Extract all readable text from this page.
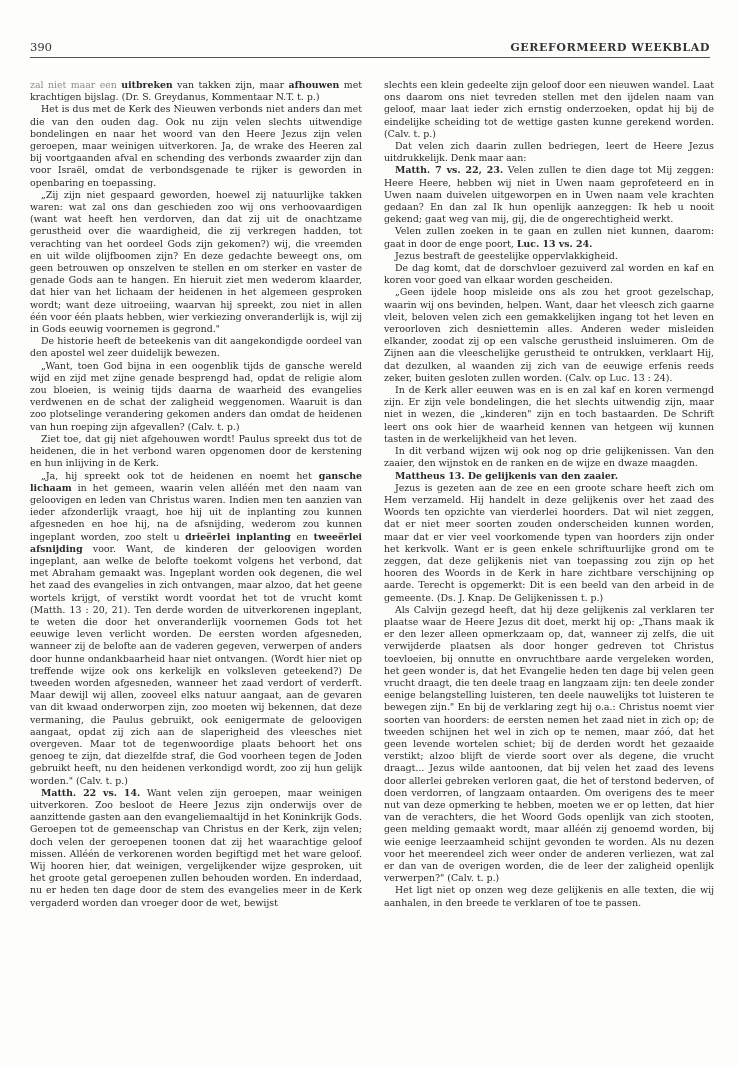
390	GEREFORMEERD WEEKBLAD

zal niet maar een uitbreken van takken zijn, maar afhouwen met krachtigen bijslag. (Dr. S. Greydanus, Kommentaar N.T. t. p.)

Het is dus met de Kerk des Nieuwen verbonds niet anders dan met die van den ouden dag. Ook nu zijn velen slechts uitwendige bondelingen en naar het woord van den Heere Jezus zijn velen geroepen, maar weinigen uitverkoren. Ja, de wrake des Heeren zal bij voortgaanden afval en schending des verbonds zwaarder zijn dan voor Israël, omdat de verbondsgenade te rijker is geworden in openbaring en toepassing.

„Zij zijn niet gespaard geworden, hoewel zij natuurlijke takken waren: wat zal ons dan geschieden zoo wij ons verhoovaardigen (want wat heeft hen verdorven, dan dat zij uit de onachtzame gerustheid over die waardigheid, die zij verkregen hadden, tot verachting van het oordeel Gods zijn gekomen?) wij, die vreemden en uit wilde olijfboomen zijn? En deze gedachte beweegt ons, om geen betrouwen op onszelven te stellen en om sterker en vaster de genade Gods aan te hangen. En hieruit ziet men wederom klaarder, dat hier van het lichaam der heidenen in het algemeen gesproken wordt; want deze uitroeiing, waarvan hij spreekt, zou niet in allen één voor één plaats hebben, wier verkiezing onveranderlijk is, wijl zij in Gods eeuwig voornemen is gegrond."

De historie heeft de beteekenis van dit aangekondigde oordeel van den apostel wel zeer duidelijk bewezen.

„Want, toen God bijna in een oogenblik tijds de gansche wereld wijd en zijd met zijne genade besprengd had, opdat de religie alom zou bloeien, is weinig tijds daarna de waarheid des evangelies verdwenen en de schat der zaligheid weggenomen. Waaruit is dan zoo plotselinge verandering gekomen anders dan omdat de heidenen van hun roeping zijn afgevallen? (Calv. t. p.)

Ziet toe, dat gij niet afgehouwen wordt! Paulus spreekt dus tot de heidenen, die in het verbond waren opgenomen door de kerstening en hun inlijving in de Kerk.

„Ja, hij spreekt ook tot de heidenen en noemt het gansche lichaam in het gemeen, waarin velen alléén met den naam van geloovigen en leden van Christus waren. Indien men ten aanzien van ieder afzonderlijk vraagt, hoe hij uit de inplanting zou kunnen afgesneden en hoe hij, na de afsnijding, wederom zou kunnen ingeplant worden, zoo stelt u drieërlei inplanting en tweeërlei afsnijding voor. Want, de kinderen der geloovigen worden ingeplant, aan welke de belofte toekomt volgens het verbond, dat met Abraham gemaakt was. Ingeplant worden ook degenen, die wel het zaad des evangelies in zich ontvangen, maar alzoo, dat het geene wortels krijgt, of verstikt wordt voordat het tot de vrucht komt (Matth. 13 : 20, 21). Ten derde worden de uitverkorenen ingeplant, te weten die door het onveranderlijk voornemen Gods tot het eeuwige leven verlicht worden. De eersten worden afgesneden, wanneer zij de belofte aan de vaderen gegeven, verwerpen of anders door hunne ondankbaarheid haar niet ontvangen. (Wordt hier niet op treffende wijze ook ons kerkelijk en volksleven geteekend?) De tweeden worden afgesneden, wanneer het zaad verdort of verderft. Maar dewijl wij allen, zooveel elks natuur aangaat, aan de gevaren van dit kwaad onderworpen zijn, zoo moeten wij bekennen, dat deze vermaning, die Paulus gebruikt, ook eenigermate de geloovigen aangaat, opdat zij zich aan de slaperigheid des vleesches niet overgeven. Maar tot de tegenwoordige plaats behoort het ons genoeg te zijn, dat diezelfde straf, die God voorheen tegen de Joden gebruikt heeft, nu den heidenen verkondigd wordt, zoo zij hun gelijk worden." (Calv. t. p.)

Matth. 22 vs. 14. Want velen zijn geroepen, maar weinigen uitverkoren. Zoo besloot de Heere Jezus zijn onderwijs over de aanzittende gasten aan den evangeliemaaltijd in het Koninkrijk Gods. Geroepen tot de gemeenschap van Christus en der Kerk, zijn velen; doch velen der geroepenen toonen dat zij het waarachtige geloof missen. Alléén de verkorenen worden begiftigd met het ware geloof. Wij hooren hier, dat weinigen, vergelijkender wijze gesproken, uit het groote getal geroepenen zullen behouden worden. En inderdaad, nu er heden ten dage door de stem des evangelies meer in de Kerk vergaderd worden dan vroeger door de wet, bewijst

slechts een klein gedeelte zijn geloof door een nieuwen wandel. Laat ons daarom ons niet tevreden stellen met den ijdelen naam van geloof, maar laat ieder zich ernstig onderzoeken, opdat hij bij de eindelijke scheiding tot de wettige gasten kunne gerekend worden. (Calv. t. p.)

Dat velen zich daarin zullen bedriegen, leert de Heere Jezus uitdrukkelijk. Denk maar aan:

Matth. 7 vs. 22, 23. Velen zullen te dien dage tot Mij zeggen: Heere Heere, hebben wij niet in Uwen naam geprofeteerd en in Uwen naam duivelen uitgeworpen en in Uwen naam vele krachten gedaan? En dan zal Ik hun openlijk aanzeggen: Ik heb u nooit gekend; gaat weg van mij, gij, die de ongerechtigheid werkt.

Velen zullen zoeken in te gaan en zullen niet kunnen, daarom: gaat in door de enge poort, Luc. 13 vs. 24.

Jezus bestraft de geestelijke oppervlakkigheid.

De dag komt, dat de dorschvloer gezuiverd zal worden en kaf en koren voor goed van elkaar worden gescheiden.

„Geen ijdele hoop misleide ons als zou het groot gezelschap, waarin wij ons bevinden, helpen. Want, daar het vleesch zich gaarne vleit, beloven velen zich een gemakkelijken ingang tot het leven en veroorloven zich desniettemin alles. Anderen weder misleiden elkander, zoodat zij op een valsche gerustheid insluimeren. Om de Zijnen aan die vleeschelijke gerustheid te ontrukken, verklaart Hij, dat dezulken, al waanden zij zich van de eeuwige erfenis reeds zeker, buiten gesloten zullen worden. (Calv. op Luc. 13 : 24).

In de Kerk aller eeuwen was en is en zal kaf en koren vermengd zijn. Er zijn vele bondelingen, die het slechts uitwendig zijn, maar niet in wezen, die „kinderen" zijn en toch bastaarden. De Schrift leert ons ook hier de waarheid kennen van hetgeen wij kunnen tasten in de werkelijkheid van het leven.

In dit verband wijzen wij ook nog op drie gelijkenissen. Van den zaaier, den wijnstok en de ranken en de wijze en dwaze maagden.

Mattheus 13. De gelijkenis van den zaaier.

Jezus is gezeten aan de zee en een groote schare heeft zich om Hem verzameld. Hij handelt in deze gelijkenis over het zaad des Woords ten opzichte van vierderlei hoorders. Dat wil niet zeggen, dat er niet meer soorten zouden onderscheiden kunnen worden, maar dat er vier veel voorkomende typen van hoorders zijn onder het kerkvolk. Want er is geen enkele schriftuurlijke grond om te zeggen, dat deze gelijkenis niet van toepassing zou zijn op het hooren des Woords in de Kerk in hare zichtbare verschijning op aarde. Terecht is opgemerkt: Dit is een beeld van den arbeid in de gemeente. (Ds. J. Knap. De Gelijkenissen t. p.)

Als Calvijn gezegd heeft, dat hij deze gelijkenis zal verklaren ter plaatse waar de Heere Jezus dit doet, merkt hij op: „Thans maak ik er den lezer alleen opmerkzaam op, dat, wanneer zij zelfs, die uit verwijderde plaatsen als door honger gedreven tot Christus toevloeien, bij onnutte en onvruchtbare aarde vergeleken worden, het geen wonder is, dat het Evangelie heden ten dage bij velen geen vrucht draagt, die ten deele traag en langzaam zijn: ten deele zonder eenige belangstelling luisteren, ten deele nauwelijks tot luisteren te bewegen zijn." En bij de verklaring zegt hij o.a.: Christus noemt vier soorten van hoorders: de eersten nemen het zaad niet in zich op; de tweeden schijnen het wel in zich op te nemen, maar zóó, dat het geen levende wortelen schiet; bij de derden wordt het gezaaide verstikt; alzoo blijft de vierde soort over als degene, die vrucht draagt... Jezus wilde aantoonen, dat bij velen het zaad des levens door allerlei gebreken verloren gaat, die het of terstond bederven, of doen verdorren, of langzaam ontaarden. Om overigens des te meer nut van deze opmerking te hebben, moeten we er op letten, dat hier van de verachters, die het Woord Gods openlijk van zich stooten, geen melding gemaakt wordt, maar alléén zij genoemd worden, bij wie eenige leerzaamheid schijnt gevonden te worden. Als nu dezen voor het meerendeel zich weer onder de anderen verliezen, wat zal er dan van de overigen worden, die de leer der zaligheid openlijk verwerpen?" (Calv. t. p.)

Het ligt niet op onzen weg deze gelijkenis en alle texten, die wij aanhalen, in den breede te verklaren of toe te passen.
